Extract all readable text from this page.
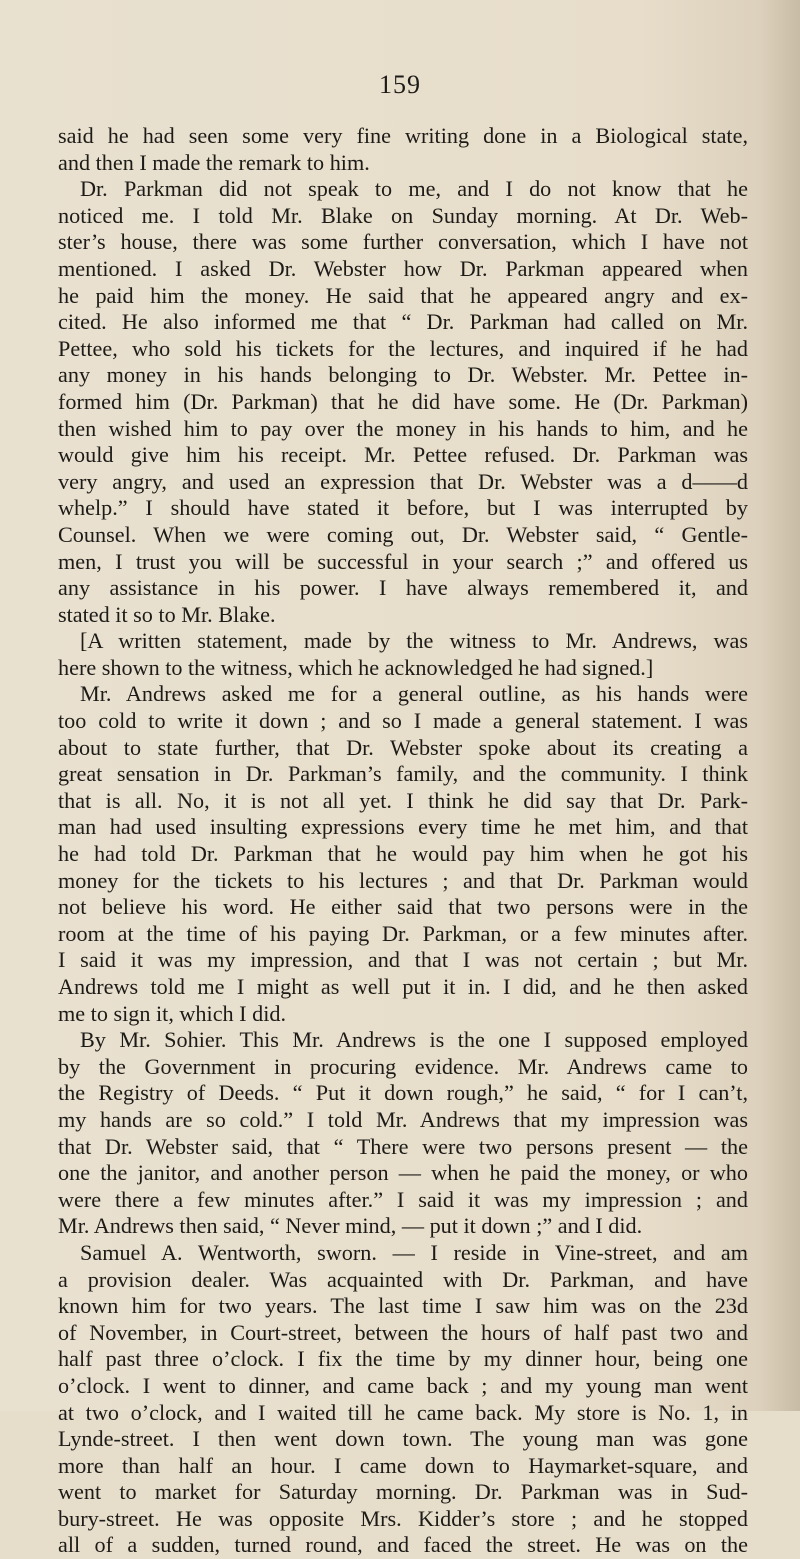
159
said he had seen some very fine writing done in a Biological state,
and then I made the remark to him.
Dr. Parkman did not speak to me, and I do not know that he
noticed me. I told Mr. Blake on Sunday morning. At Dr. Web-
ster’s house, there was some further conversation, which I have not
mentioned. I asked Dr. Webster how Dr. Parkman appeared when
he paid him the money. He said that he appeared angry and ex-
cited. He also informed me that “ Dr. Parkman had called on Mr.
Pettee, who sold his tickets for the lectures, and inquired if he had
any money in his hands belonging to Dr. Webster. Mr. Pettee in-
formed him (Dr. Parkman) that he did have some. He (Dr. Parkman)
then wished him to pay over the money in his hands to him, and he
would give him his receipt. Mr. Pettee refused. Dr. Parkman was
very angry, and used an expression that Dr. Webster was a d——d
whelp.” I should have stated it before, but I was interrupted by
Counsel. When we were coming out, Dr. Webster said, “ Gentle-
men, I trust you will be successful in your search ;” and offered us
any assistance in his power. I have always remembered it, and
stated it so to Mr. Blake.
[A written statement, made by the witness to Mr. Andrews, was
here shown to the witness, which he acknowledged he had signed.]
Mr. Andrews asked me for a general outline, as his hands were
too cold to write it down ; and so I made a general statement. I was
about to state further, that Dr. Webster spoke about its creating a
great sensation in Dr. Parkman’s family, and the community. I think
that is all. No, it is not all yet. I think he did say that Dr. Park-
man had used insulting expressions every time he met him, and that
he had told Dr. Parkman that he would pay him when he got his
money for the tickets to his lectures ; and that Dr. Parkman would
not believe his word. He either said that two persons were in the
room at the time of his paying Dr. Parkman, or a few minutes after.
I said it was my impression, and that I was not certain ; but Mr.
Andrews told me I might as well put it in. I did, and he then asked
me to sign it, which I did.
By Mr. Sohier. This Mr. Andrews is the one I supposed employed
by the Government in procuring evidence. Mr. Andrews came to
the Registry of Deeds. “ Put it down rough,” he said, “ for I can’t,
my hands are so cold.” I told Mr. Andrews that my impression was
that Dr. Webster said, that “ There were two persons present — the
one the janitor, and another person — when he paid the money, or who
were there a few minutes after.” I said it was my impression ; and
Mr. Andrews then said, “ Never mind, — put it down ;” and I did.
Samuel A. Wentworth, sworn. — I reside in Vine-street, and am
a provision dealer. Was acquainted with Dr. Parkman, and have
known him for two years. The last time I saw him was on the 23d
of November, in Court-street, between the hours of half past two and
half past three o’clock. I fix the time by my dinner hour, being one
o’clock. I went to dinner, and came back ; and my young man went
at two o’clock, and I waited till he came back. My store is No. 1, in
Lynde-street. I then went down town. The young man was gone
more than half an hour. I came down to Haymarket-square, and
went to market for Saturday morning. Dr. Parkman was in Sud-
bury-street. He was opposite Mrs. Kidder’s store ; and he stopped
all of a sudden, turned round, and faced the street. He was on the
